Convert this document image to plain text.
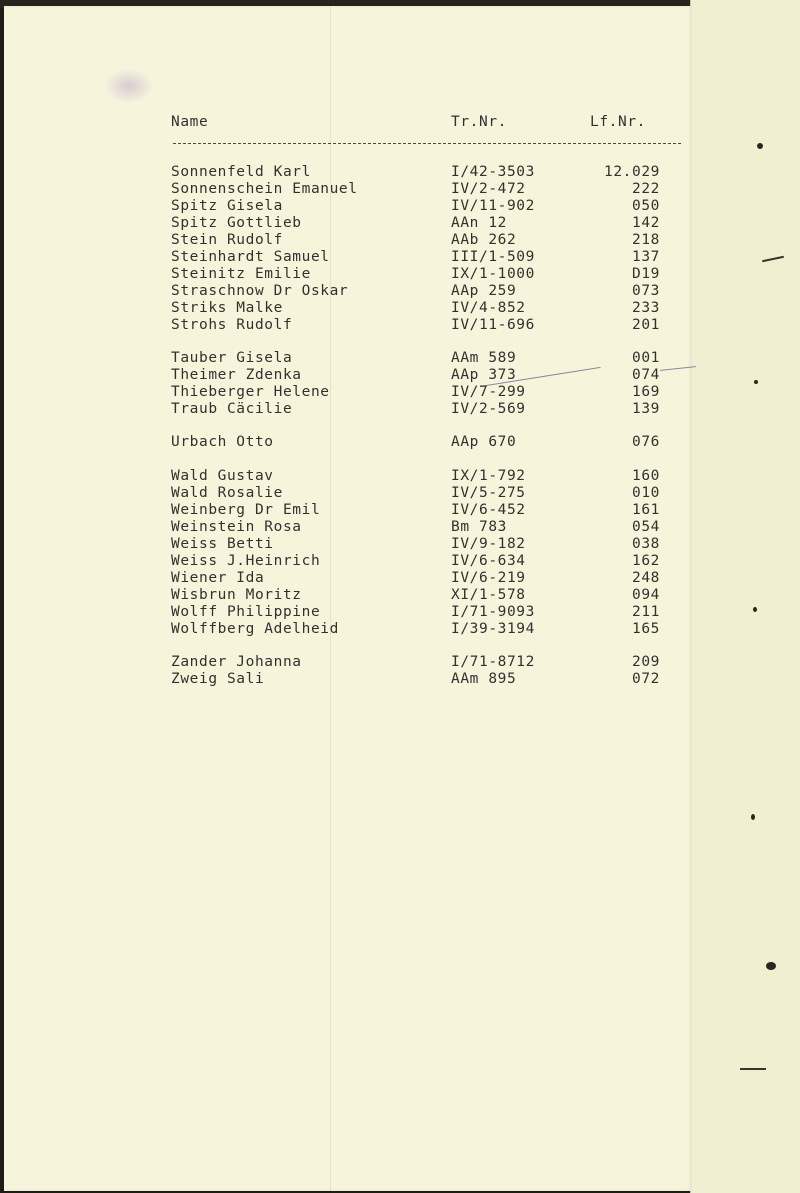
Name	Tr.Nr.	Lf.Nr.
Sonnenfeld Karl	I/42-3503	12.029
Sonnenschein Emanuel	IV/2-472	222
Spitz Gisela	IV/11-902	050
Spitz Gottlieb	AAn 12	142
Stein Rudolf	AAb 262	218
Steinhardt Samuel	III/1-509	137
Steinitz Emilie	IX/1-1000	D19
Straschnow Dr Oskar	AAp 259	073
Striks Malke	IV/4-852	233
Strohs Rudolf	IV/11-696	201
Tauber Gisela	AAm 589	001
Theimer Zdenka	AAp 373	074
Thieberger Helene	IV/7-299	169
Traub Cäcilie	IV/2-569	139
Urbach Otto	AAp 670	076
Wald Gustav	IX/1-792	160
Wald Rosalie	IV/5-275	010
Weinberg Dr Emil	IV/6-452	161
Weinstein Rosa	Bm 783	054
Weiss Betti	IV/9-182	038
Weiss J.Heinrich	IV/6-634	162
Wiener Ida	IV/6-219	248
Wisbrun Moritz	XI/1-578	094
Wolff Philippine	I/71-9093	211
Wolffberg Adelheid	I/39-3194	165
Zander Johanna	I/71-8712	209
Zweig Sali	AAm 895	072
